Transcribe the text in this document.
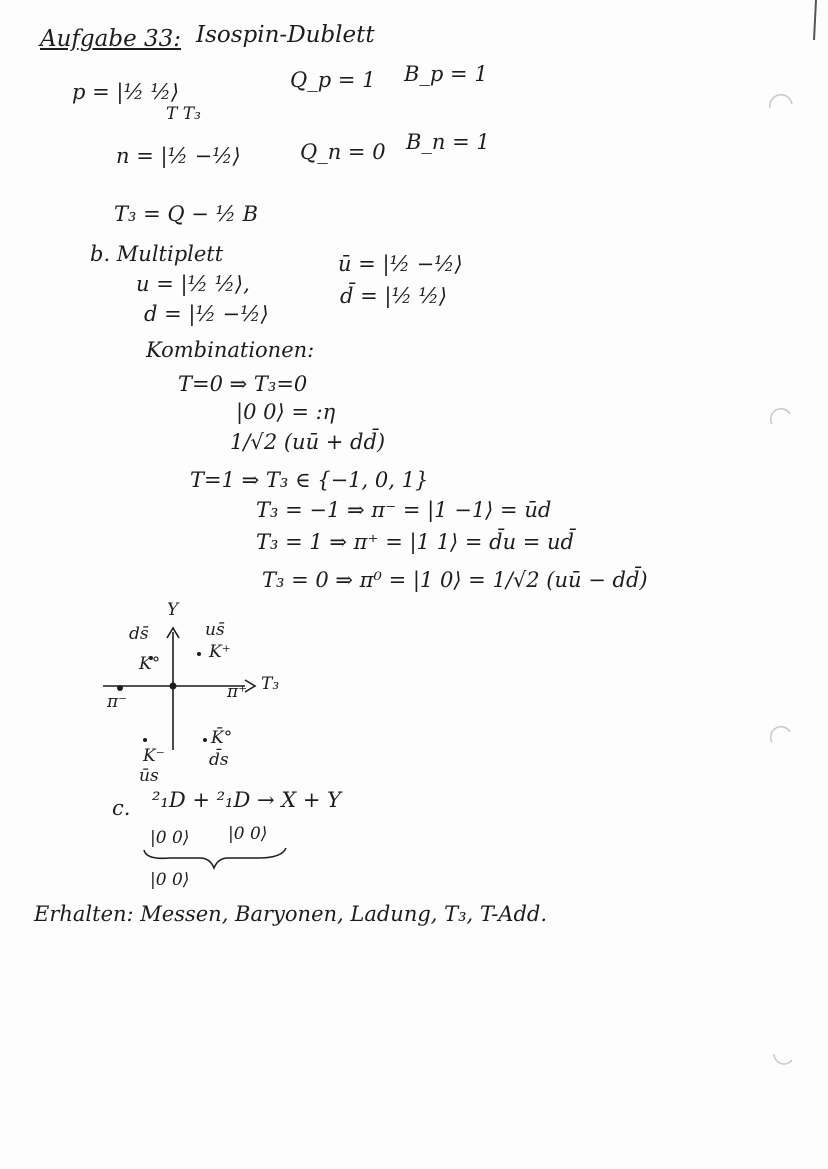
Aufgabe 33: Isospin-Dublett
p = |½ ½⟩	Q_p = 1 B_p = 1
T T₃
n = |½ −½⟩	Q_n = 0 B_n = 1
T₃ = Q − ½ B
b. Multiplett
u = |½ ½⟩,
d = |½ −½⟩
ū = |½ −½⟩
d̄ = |½ ½⟩
Kombinationen:
T=0 ⇒ T₃=0
|0 0⟩ = :η
1/√2 (uū + dd̄)
T=1 ⇒ T₃ ∈ {−1, 0, 1}
T₃ = −1 ⇒ π⁻ = |1 −1⟩ = ūd
T₃ = 1 ⇒ π⁺ = |1 1⟩ = d̄u = ud̄
T₃ = 0 ⇒ π⁰ = |1 0⟩ = 1/√2 (uū − dd̄)
Y
T₃
ds̄
K°
us̄
K⁺
π⁻	π⁺
K⁻
ūs
K̄°
d̄s
c. ²₁D + ²₁D → X + Y
|0 0⟩ |0 0⟩
|0 0⟩
Erhalten: Messen, Baryonen, Ladung, T₃, T-Add.
